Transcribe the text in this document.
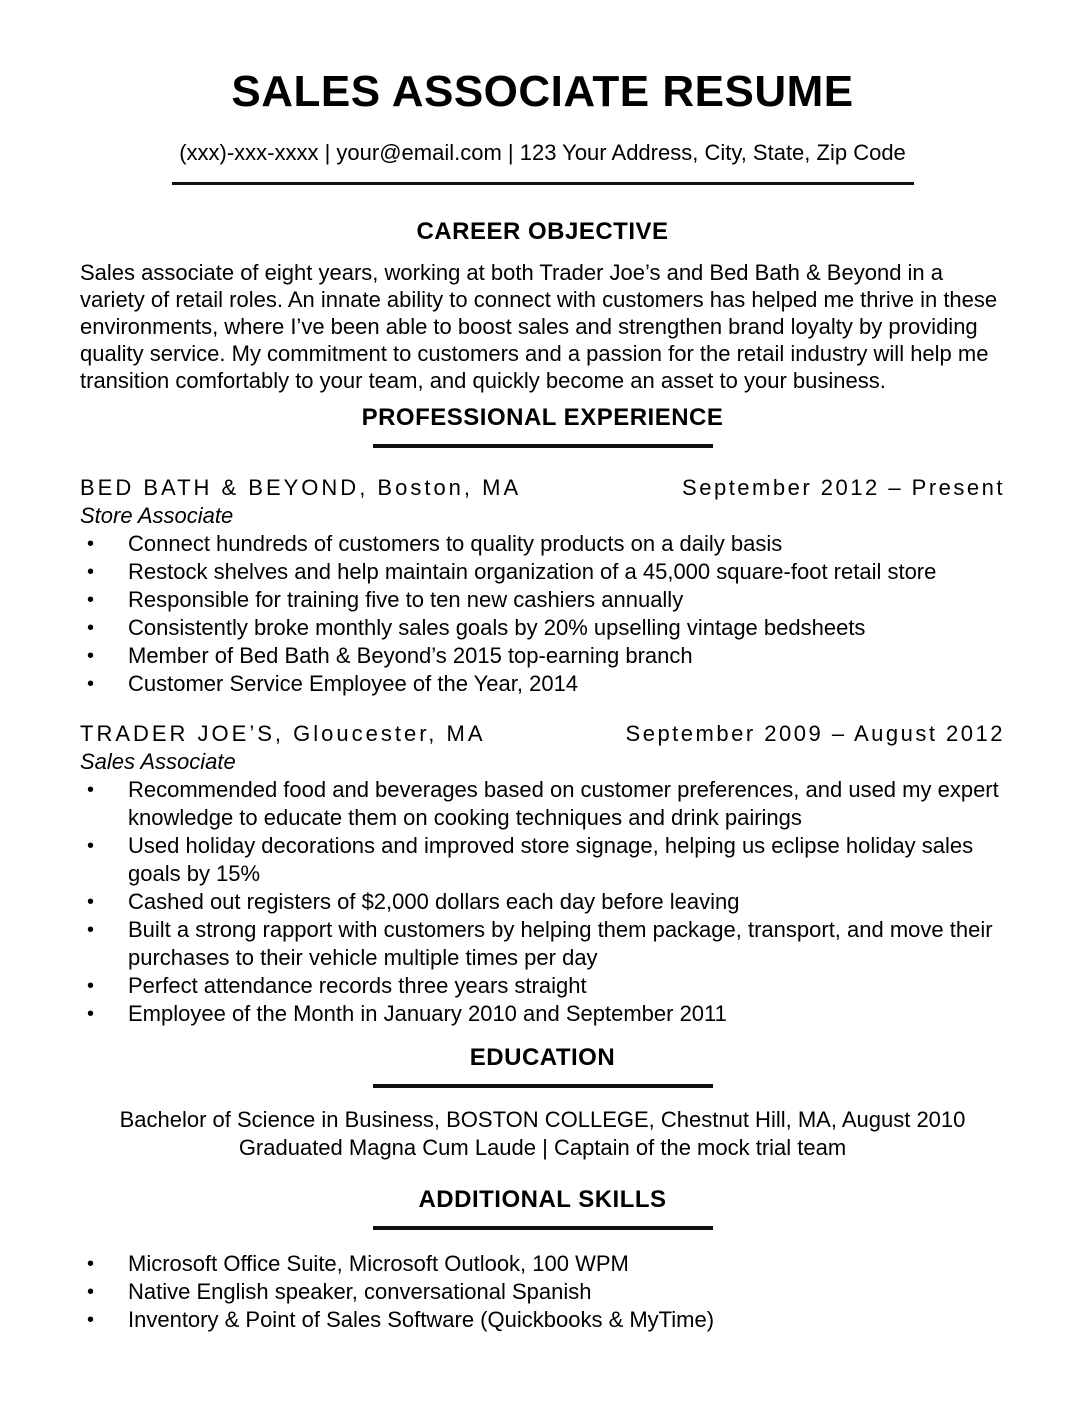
SALES ASSOCIATE RESUME
(xxx)-xxx-xxxx | your@email.com | 123 Your Address, City, State, Zip Code
CAREER OBJECTIVE

Sales associate of eight years, working at both Trader Joe’s and Bed Bath & Beyond in a variety of retail roles. An innate ability to connect with customers has helped me thrive in these environments, where I’ve been able to boost sales and strengthen brand loyalty by providing quality service. My commitment to customers and a passion for the retail industry will help me transition comfortably to your team, and quickly become an asset to your business.

PROFESSIONAL EXPERIENCE
BED BATH & BEYOND, Boston, MA	September 2012 – Present
Store Associate
•	Connect hundreds of customers to quality products on a daily basis
•	Restock shelves and help maintain organization of a 45,000 square-foot retail store
•	Responsible for training five to ten new cashiers annually
•	Consistently broke monthly sales goals by 20% upselling vintage bedsheets
•	Member of Bed Bath & Beyond’s 2015 top-earning branch
•	Customer Service Employee of the Year, 2014
TRADER JOE’S, Gloucester, MA	September 2009 – August 2012
Sales Associate
•	Recommended food and beverages based on customer preferences, and used my expert knowledge to educate them on cooking techniques and drink pairings
•	Used holiday decorations and improved store signage, helping us eclipse holiday sales goals by 15%
•	Cashed out registers of $2,000 dollars each day before leaving
•	Built a strong rapport with customers by helping them package, transport, and move their purchases to their vehicle multiple times per day
•	Perfect attendance records three years straight
•	Employee of the Month in January 2010 and September 2011
EDUCATION
Bachelor of Science in Business, BOSTON COLLEGE, Chestnut Hill, MA, August 2010
Graduated Magna Cum Laude | Captain of the mock trial team
ADDITIONAL SKILLS
•	Microsoft Office Suite, Microsoft Outlook, 100 WPM
•	Native English speaker, conversational Spanish
•	Inventory & Point of Sales Software (Quickbooks & MyTime)
